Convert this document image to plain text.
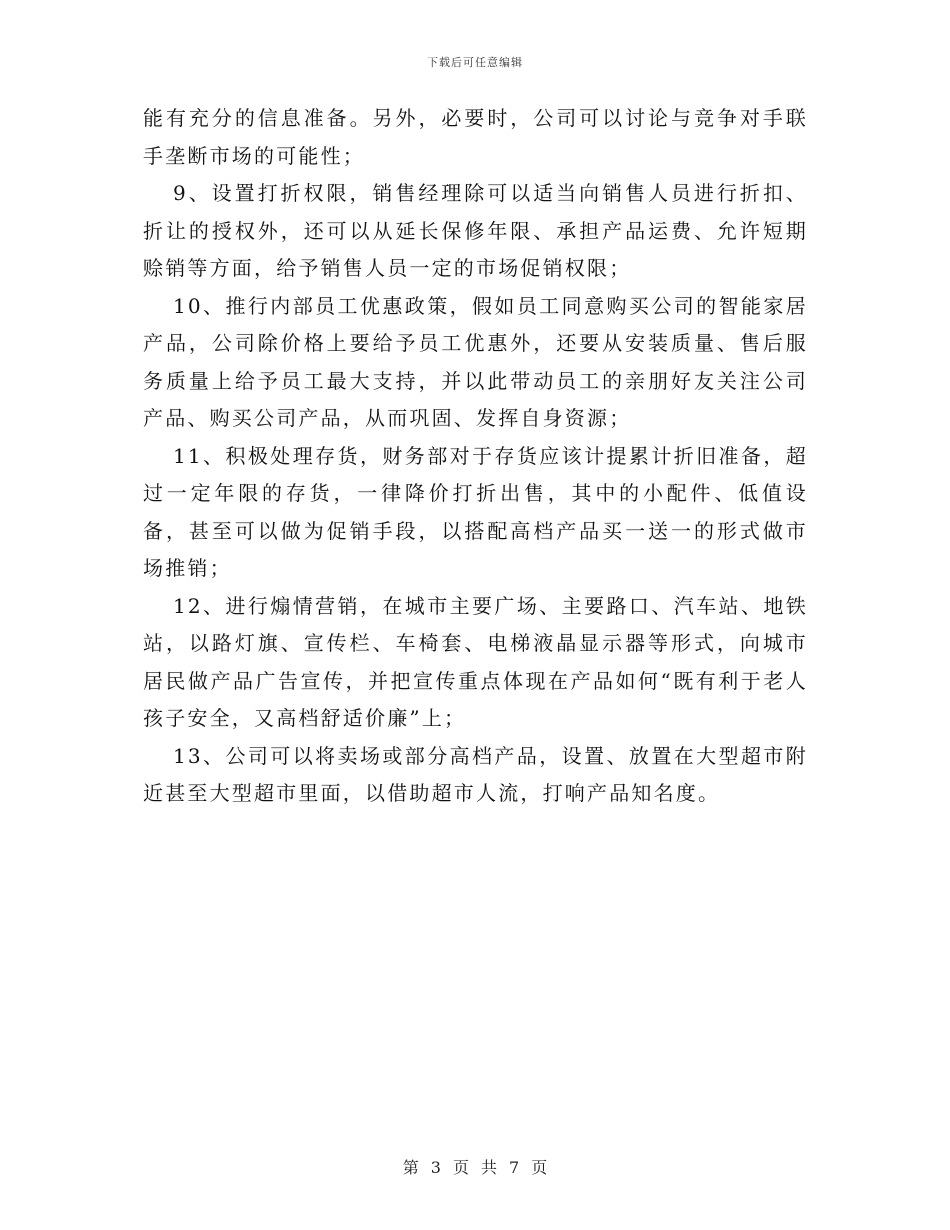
下载后可任意编辑

能有充分的信息准备。另外，必要时，公司可以讨论与竞争对手联手垄断市场的可能性；

9、设置打折权限，销售经理除可以适当向销售人员进行折扣、折让的授权外，还可以从延长保修年限、承担产品运费、允许短期赊销等方面，给予销售人员一定的市场促销权限；

10、推行内部员工优惠政策，假如员工同意购买公司的智能家居产品，公司除价格上要给予员工优惠外，还要从安装质量、售后服务质量上给予员工最大支持，并以此带动员工的亲朋好友关注公司产品、购买公司产品，从而巩固、发挥自身资源；

11、积极处理存货，财务部对于存货应该计提累计折旧准备，超过一定年限的存货，一律降价打折出售，其中的小配件、低值设备，甚至可以做为促销手段，以搭配高档产品买一送一的形式做市场推销；

12、进行煽情营销，在城市主要广场、主要路口、汽车站、地铁站，以路灯旗、宣传栏、车椅套、电梯液晶显示器等形式，向城市居民做产品广告宣传，并把宣传重点体现在产品如何“既有利于老人孩子安全，又高档舒适价廉”上；

13、公司可以将卖场或部分高档产品，设置、放置在大型超市附近甚至大型超市里面，以借助超市人流，打响产品知名度。

第 3 页 共 7 页
